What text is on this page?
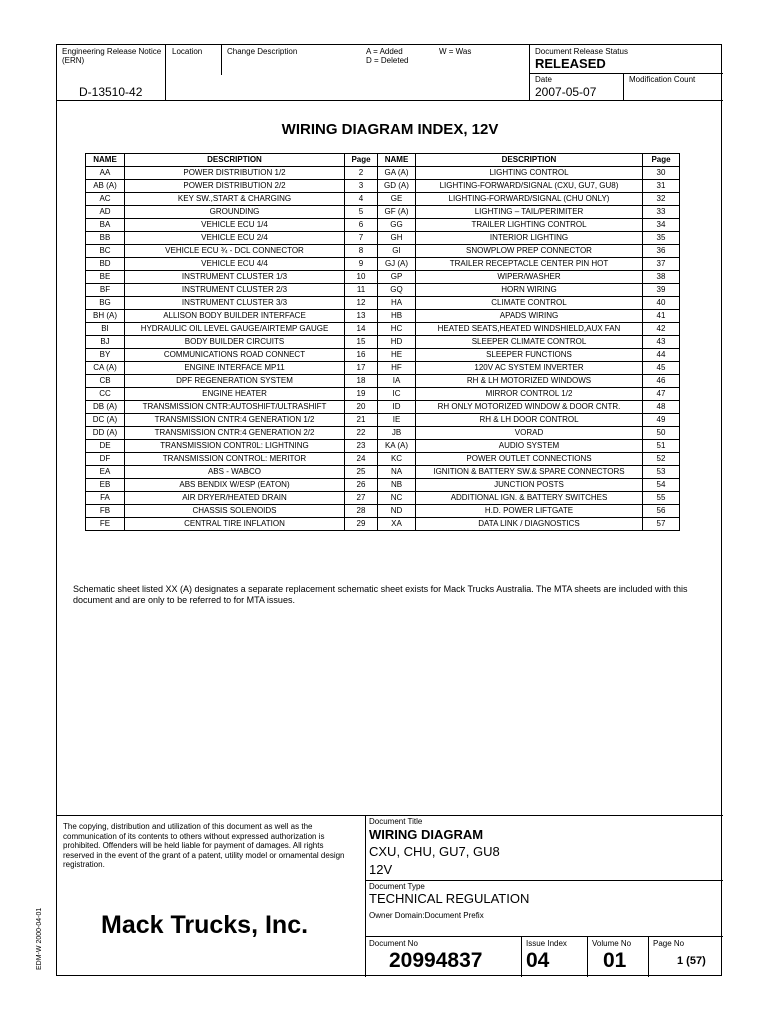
Engineering Release Notice (ERN)
D-13510-42
Location	Change Description	A = Added
D = Deleted
W = Was	Document Release Status
RELEASED
Date
2007-05-07
Modification Count
WIRING DIAGRAM INDEX, 12V
NAME	DESCRIPTION	Page	NAME	DESCRIPTION	Page
AA	POWER DISTRIBUTION 1/2	2	GA (A)	LIGHTING CONTROL	30
AB (A)	POWER DISTRIBUTION 2/2	3	GD (A)	LIGHTING-FORWARD/SIGNAL (CXU, GU7, GU8)	31
AC	KEY SW.,START & CHARGING	4	GE	LIGHTING-FORWARD/SIGNAL (CHU ONLY)	32
AD	GROUNDING	5	GF (A)	LIGHTING – TAIL/PERIMITER	33
BA	VEHICLE ECU 1/4	6	GG	TRAILER LIGHTING CONTROL	34
BB	VEHICLE ECU 2/4	7	GH	INTERIOR LIGHTING	35
BC	VEHICLE ECU ¾ - DCL CONNECTOR	8	GI	SNOWPLOW PREP CONNECTOR	36
BD	VEHICLE ECU 4/4	9	GJ (A)	TRAILER RECEPTACLE CENTER PIN HOT	37
BE	INSTRUMENT CLUSTER 1/3	10	GP	WIPER/WASHER	38
BF	INSTRUMENT CLUSTER 2/3	11	GQ	HORN WIRING	39
BG	INSTRUMENT CLUSTER 3/3	12	HA	CLIMATE CONTROL	40
BH (A)	ALLISON BODY BUILDER INTERFACE	13	HB	APADS WIRING	41
BI	HYDRAULIC OIL LEVEL GAUGE/AIRTEMP GAUGE	14	HC	HEATED SEATS,HEATED WINDSHIELD,AUX FAN	42
BJ	BODY BUILDER CIRCUITS	15	HD	SLEEPER CLIMATE CONTROL	43
BY	COMMUNICATIONS ROAD CONNECT	16	HE	SLEEPER FUNCTIONS	44
CA (A)	ENGINE INTERFACE MP11	17	HF	120V AC SYSTEM INVERTER	45
CB	DPF REGENERATION SYSTEM	18	IA	RH & LH MOTORIZED WINDOWS	46
CC	ENGINE HEATER	19	IC	MIRROR CONTROL 1/2	47
DB (A)	TRANSMISSION CNTR:AUTOSHIFT/ULTRASHIFT	20	ID	RH ONLY MOTORIZED WINDOW & DOOR CNTR.	48
DC (A)	TRANSMISSION CNTR:4 GENERATION 1/2	21	IE	RH & LH DOOR CONTROL	49
DD (A)	TRANSMISSION CNTR:4 GENERATION 2/2	22	JB	VORAD	50
DE	TRANSMISSION CONTR0L: LIGHTNING	23	KA (A)	AUDIO SYSTEM	51
DF	TRANSMISSION CONTROL: MERITOR	24	KC	POWER OUTLET CONNECTIONS	52
EA	ABS - WABCO	25	NA	IGNITION & BATTERY SW.& SPARE CONNECTORS	53
EB	ABS BENDIX W/ESP (EATON)	26	NB	JUNCTION POSTS	54
FA	AIR DRYER/HEATED DRAIN	27	NC	ADDITIONAL IGN. & BATTERY SWITCHES	55
FB	CHASSIS SOLENOIDS	28	ND	H.D. POWER LIFTGATE	56
FE	CENTRAL TIRE INFLATION	29	XA	DATA LINK / DIAGNOSTICS	57
Schematic sheet listed XX (A) designates a separate replacement schematic sheet exists for Mack Trucks Australia. The MTA sheets are included with this document and are only to be referred to for MTA issues.
The copying, distribution and utilization of this document as well as the communication of its contents to others without expressed authorization is prohibited. Offenders will be held liable for payment of damages. All rights reserved in the event of the grant of a patent, utility model or ornamental design registration.
Mack Trucks, Inc.
Document Title
WIRING DIAGRAM
CXU, CHU, GU7, GU8
12V
Document Type
TECHNICAL REGULATION
Owner Domain:Document Prefix
Document No
20994837
Issue Index
04
Volume No
01
Page No
1 (57)
EDM-W 2000-04-01
